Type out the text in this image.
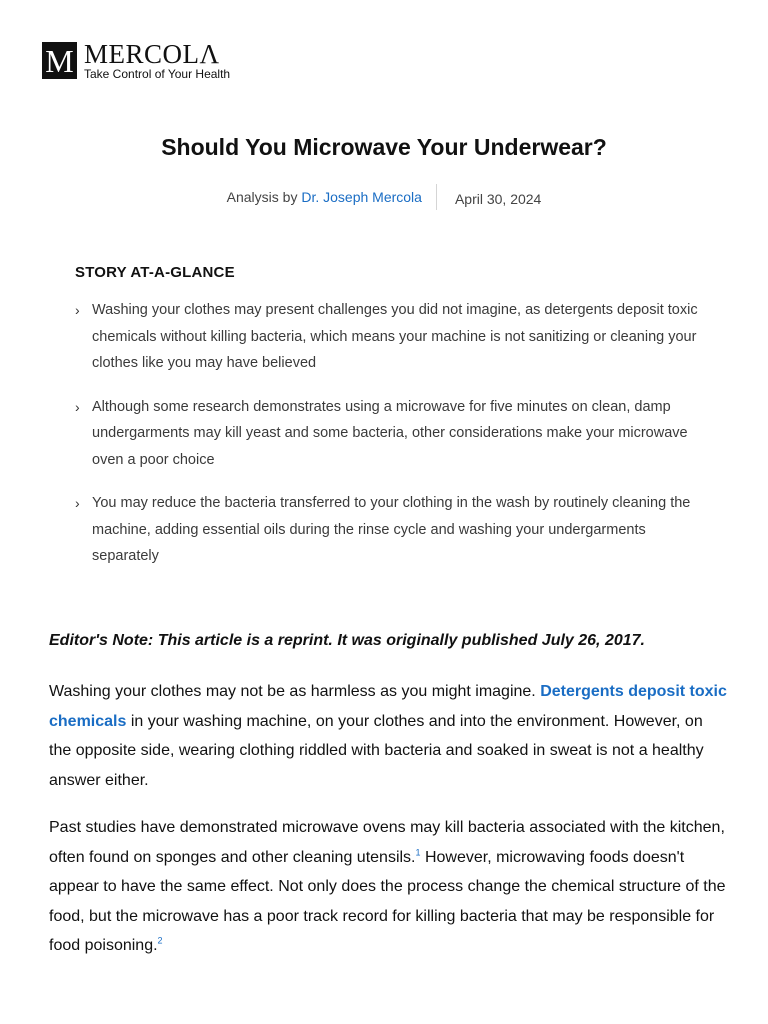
M MERCOLΛ
Take Control of Your Health
Should You Microwave Your Underwear?
Analysis by Dr. Joseph Mercola April 30, 2024
STORY AT-A-GLANCE
› Washing your clothes may present challenges you did not imagine, as detergents deposit toxic chemicals without killing bacteria, which means your machine is not sanitizing or cleaning your clothes like you may have believed
› Although some research demonstrates using a microwave for five minutes on clean, damp undergarments may kill yeast and some bacteria, other considerations make your microwave oven a poor choice
› You may reduce the bacteria transferred to your clothing in the wash by routinely cleaning the machine, adding essential oils during the rinse cycle and washing your undergarments separately

Editor's Note: This article is a reprint. It was originally published July 26, 2017.

Washing your clothes may not be as harmless as you might imagine. Detergents deposit toxic chemicals in your washing machine, on your clothes and into the environment. However, on the opposite side, wearing clothing riddled with bacteria and soaked in sweat is not a healthy answer either.

Past studies have demonstrated microwave ovens may kill bacteria associated with the kitchen, often found on sponges and other cleaning utensils.$^1$ However, microwaving foods doesn't appear to have the same effect. Not only does the process change the chemical structure of the food, but the microwave has a poor track record for killing bacteria that may be responsible for food poisoning.$^2$
